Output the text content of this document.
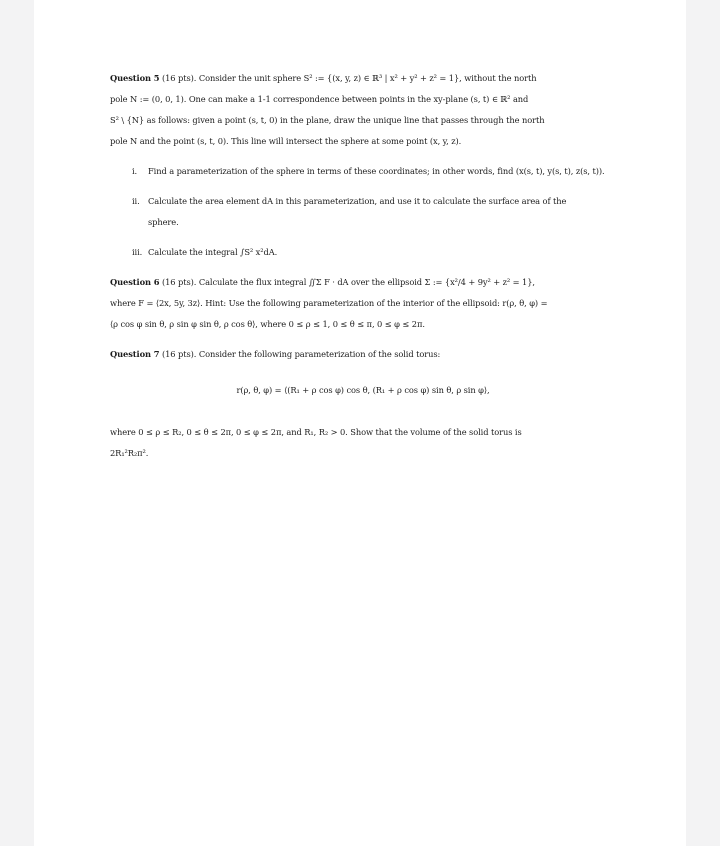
Question 5 (16 pts). Consider the unit sphere S² := {(x, y, z) ∈ ℝ³ | x² + y² + z² = 1}, without the north
pole N := (0, 0, 1). One can make a 1-1 correspondence between points in the xy-plane (s, t) ∈ ℝ² and
S² \ {N} as follows: given a point (s, t, 0) in the plane, draw the unique line that passes through the north
pole N and the point (s, t, 0). This line will intersect the sphere at some point (x, y, z).
i. Find a parameterization of the sphere in terms of these coordinates; in other words, find (x(s, t), y(s, t), z(s, t)).
ii. Calculate the area element dA in this parameterization, and use it to calculate the surface area of the
sphere.
iii. Calculate the integral ∫S² x²dA.
Question 6 (16 pts). Calculate the flux integral ∬Σ F · dA over the ellipsoid Σ := {x²/4 + 9y² + z² = 1},
where F = ⟨2x, 5y, 3z⟩. Hint: Use the following parameterization of the interior of the ellipsoid: r(ρ, θ, φ) =
⟨ρ cos φ sin θ, ρ sin φ sin θ, ρ cos θ⟩, where 0 ≤ ρ ≤ 1, 0 ≤ θ ≤ π, 0 ≤ φ ≤ 2π.
Question 7 (16 pts). Consider the following parameterization of the solid torus:
r(ρ, θ, φ) = ⟨(R₁ + ρ cos φ) cos θ, (R₁ + ρ cos φ) sin θ, ρ sin φ⟩,
where 0 ≤ ρ ≤ R₂, 0 ≤ θ ≤ 2π, 0 ≤ φ ≤ 2π, and R₁, R₂ > 0. Show that the volume of the solid torus is
2R₁²R₂π².
